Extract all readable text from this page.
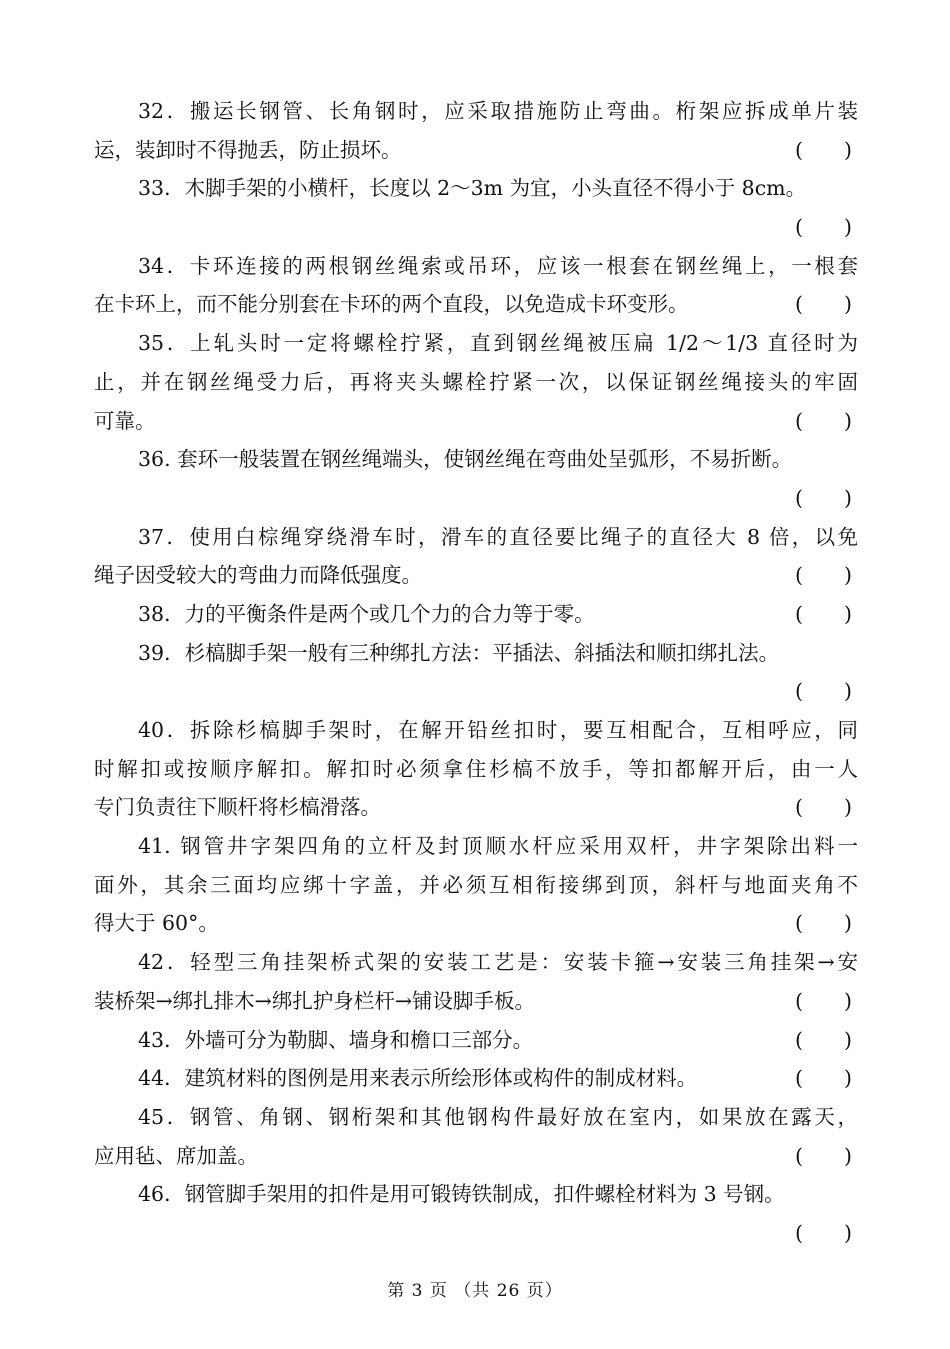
32．搬运长钢管、长角钢时，应采取措施防止弯曲。桁架应拆成单片装
运，装卸时不得抛丢，防止损坏。	(　　)
33．木脚手架的小横杆，长度以 2～3m 为宜，小头直径不得小于 8cm。
(　　)
34．卡环连接的两根钢丝绳索或吊环，应该一根套在钢丝绳上，一根套
在卡环上，而不能分别套在卡环的两个直段，以免造成卡环变形。	(　　)
35．上轧头时一定将螺栓拧紧，直到钢丝绳被压扁 1/2～1/3 直径时为
止，并在钢丝绳受力后，再将夹头螺栓拧紧一次，以保证钢丝绳接头的牢固
可靠。	(　　)
36. 套环一般装置在钢丝绳端头，使钢丝绳在弯曲处呈弧形，不易折断。
(　　)
37．使用白棕绳穿绕滑车时，滑车的直径要比绳子的直径大 8 倍，以免
绳子因受较大的弯曲力而降低强度。	(　　)
38．力的平衡条件是两个或几个力的合力等于零。	(　　)
39．杉槁脚手架一般有三种绑扎方法：平插法、斜插法和顺扣绑扎法。
(　　)
40．拆除杉槁脚手架时，在解开铅丝扣时，要互相配合，互相呼应，同
时解扣或按顺序解扣。解扣时必须拿住杉槁不放手，等扣都解开后，由一人
专门负责往下顺杆将杉槁滑落。	(　　)
41. 钢管井字架四角的立杆及封顶顺水杆应采用双杆，井字架除出料一
面外，其余三面均应绑十字盖，并必须互相衔接绑到顶，斜杆与地面夹角不
得大于 60°。	(　　)
42．轻型三角挂架桥式架的安装工艺是：安装卡箍→安装三角挂架→安
装桥架→绑扎排木→绑扎护身栏杆→铺设脚手板。	(　　)
43．外墙可分为勒脚、墙身和檐口三部分。	(　　)
44．建筑材料的图例是用来表示所绘形体或构件的制成材料。	(　　)
45．钢管、角钢、钢桁架和其他钢构件最好放在室内，如果放在露天，
应用毡、席加盖。	(　　)
46．钢管脚手架用的扣件是用可锻铸铁制成，扣件螺栓材料为 3 号钢。
(　　)
第 3 页 （共 26 页）
